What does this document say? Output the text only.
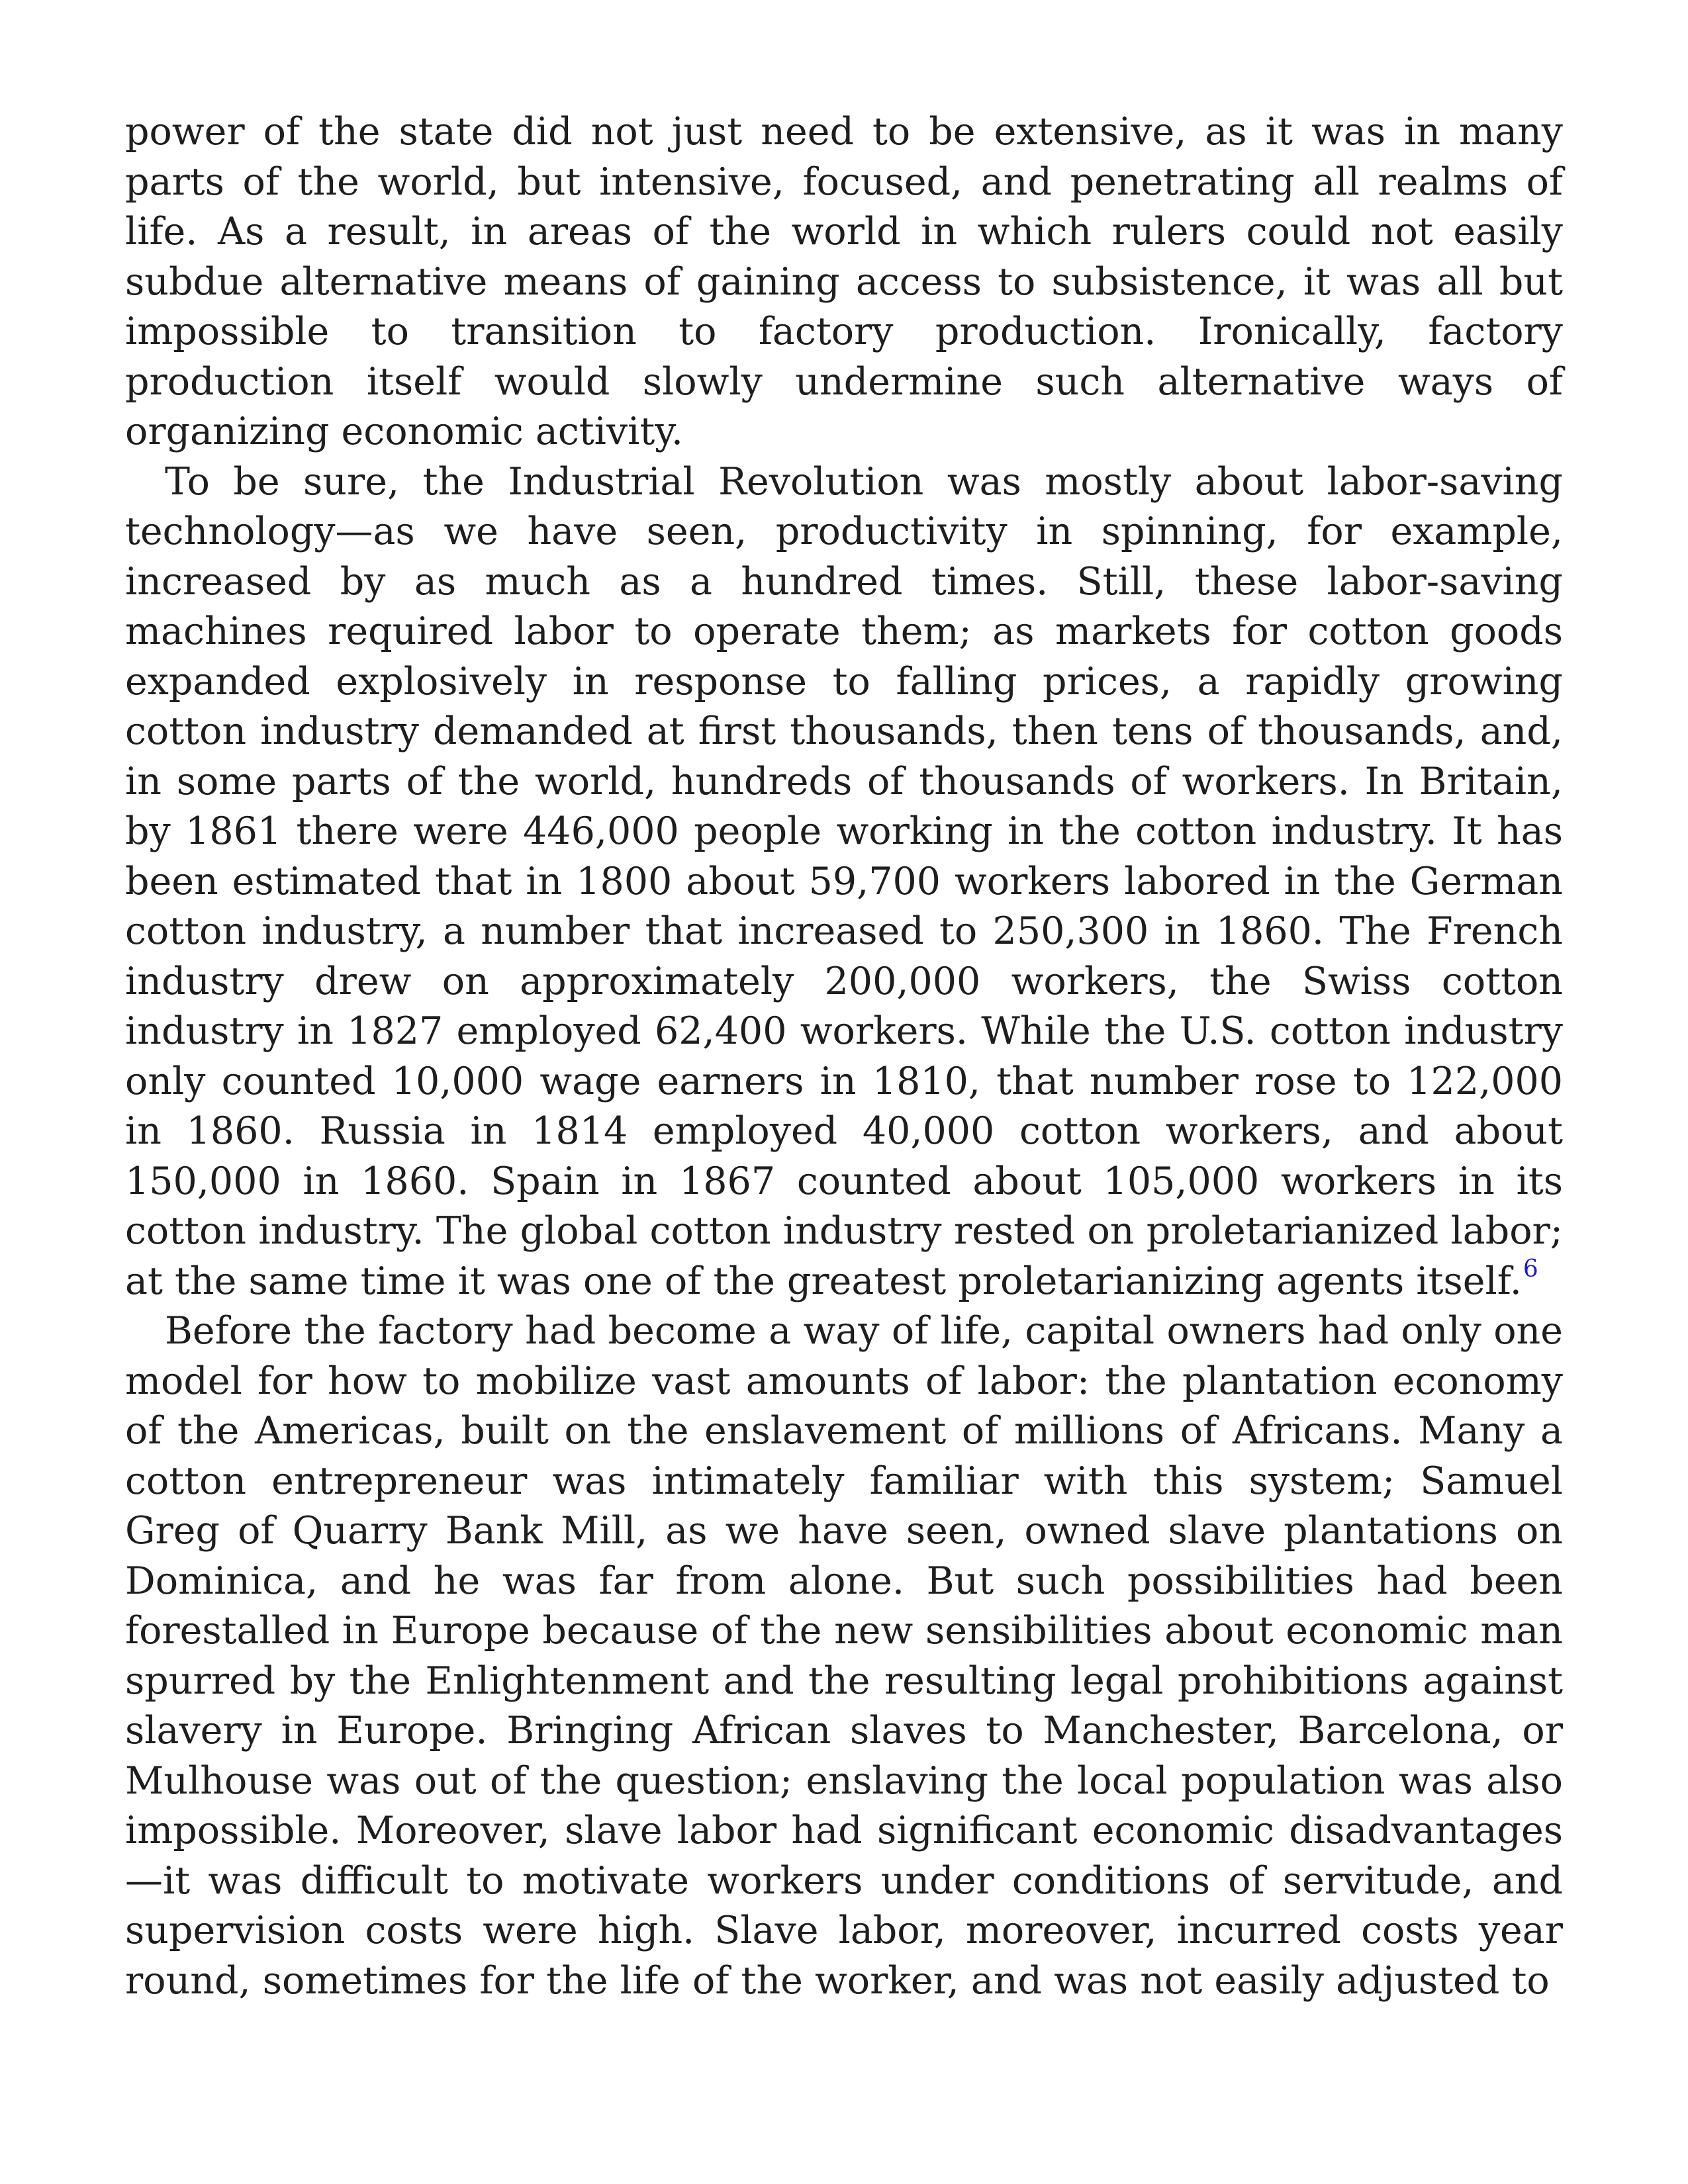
power of the state did not just need to be extensive, as it was in many parts of the world, but intensive, focused, and penetrating all realms of life. As a result, in areas of the world in which rulers could not easily subdue alternative means of gaining access to subsistence, it was all but impossible to transition to factory production. Ironically, factory production itself would slowly undermine such alternative ways of organizing economic activity.

To be sure, the Industrial Revolution was mostly about labor-saving technology—as we have seen, productivity in spinning, for example, increased by as much as a hundred times. Still, these labor-saving machines required labor to operate them; as markets for cotton goods expanded explosively in response to falling prices, a rapidly growing cotton industry demanded at first thousands, then tens of thousands, and, in some parts of the world, hundreds of thousands of workers. In Britain, by 1861 there were 446,000 people working in the cotton industry. It has been estimated that in 1800 about 59,700 workers labored in the German cotton industry, a number that increased to 250,300 in 1860. The French industry drew on approximately 200,000 workers, the Swiss cotton industry in 1827 employed 62,400 workers. While the U.S. cotton industry only counted 10,000 wage earners in 1810, that number rose to 122,000 in 1860. Russia in 1814 employed 40,000 cotton workers, and about 150,000 in 1860. Spain in 1867 counted about 105,000 workers in its cotton industry. The global cotton industry rested on proletarianized labor; at the same time it was one of the greatest proletarianizing agents itself.$^6$

Before the factory had become a way of life, capital owners had only one model for how to mobilize vast amounts of labor: the plantation economy of the Americas, built on the enslavement of millions of Africans. Many a cotton entrepreneur was intimately familiar with this system; Samuel Greg of Quarry Bank Mill, as we have seen, owned slave plantations on Dominica, and he was far from alone. But such possibilities had been forestalled in Europe because of the new sensibilities about economic man spurred by the Enlightenment and the resulting legal prohibitions against slavery in Europe. Bringing African slaves to Manchester, Barcelona, or Mulhouse was out of the question; enslaving the local population was also impossible. Moreover, slave labor had significant economic disadvantages—it was difficult to motivate workers under conditions of servitude, and supervision costs were high. Slave labor, moreover, incurred costs year round, sometimes for the life of the worker, and was not easily adjusted to
